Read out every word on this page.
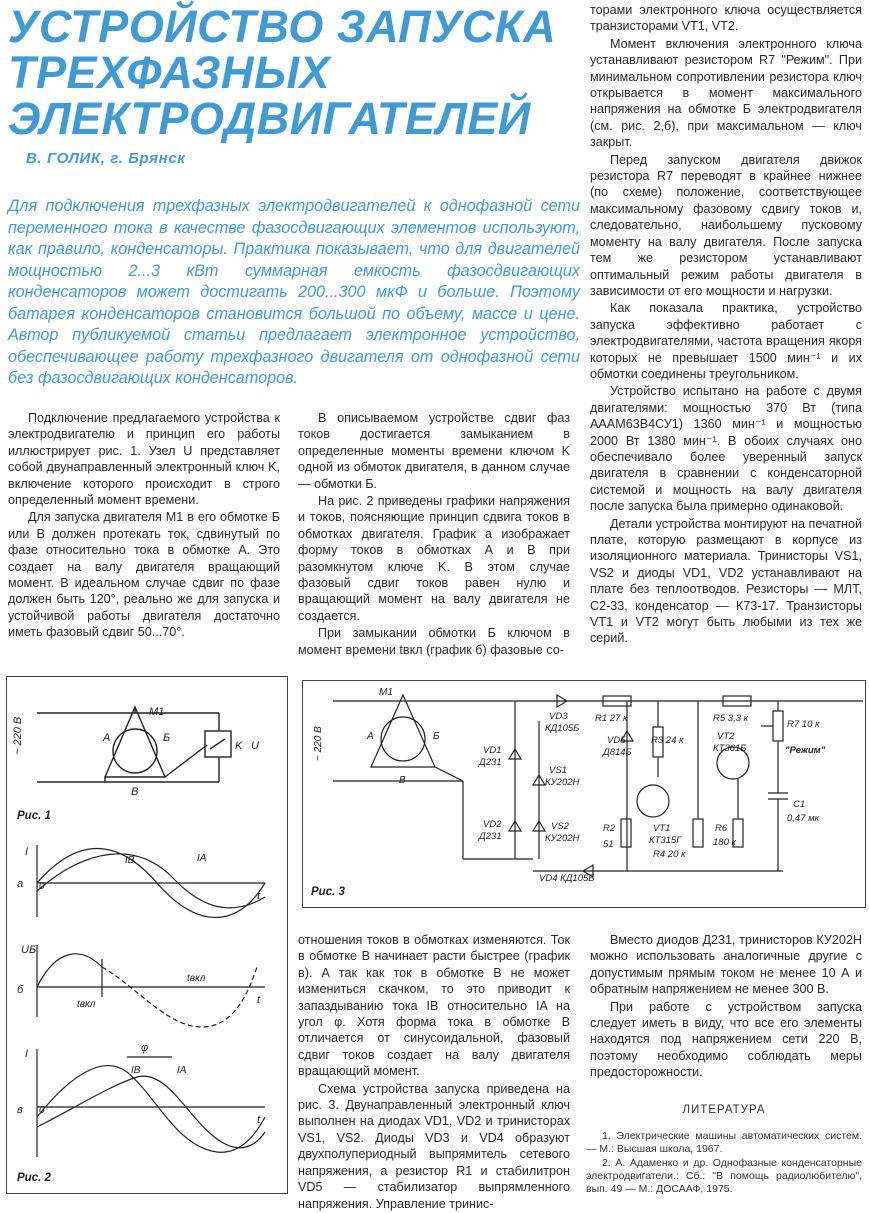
УСТРОЙСТВО ЗАПУСКА
ТРЕХФАЗНЫХ
ЭЛЕКТРОДВИГАТЕЛЕЙ
В. ГОЛИК, г. Брянск

Для подключения трехфазных электродвигателей к однофазной сети переменного тока в качестве фазосдвигающих элементов используют, как правило, конденсаторы. Практика показывает, что для двигателей мощностью 2...3 кВт суммарная емкость фазосдвигающих конденсаторов может достигать 200...300 мкФ и больше. Поэтому батарея конденсаторов становится большой по объему, массе и цене. Автор публикуемой статьи предлагает электронное устройство, обеспечивающее работу трехфазного двигателя от однофазной сети без фазосдвигающих конденсаторов.

Подключение предлагаемого устройства к электродвигателю и принцип его работы иллюстрирует рис. 1. Узел U представляет собой двунаправленный электронный ключ K, включение которого происходит в строго определенный момент времени.

Для запуска двигателя M1 в его обмотке Б или В должен протекать ток, сдвинутый по фазе относительно тока в обмотке А. Это создает на валу двигателя вращающий момент. В идеальном случае сдвиг по фазе должен быть 120°, реально же для запуска и устойчивой работы двигателя достаточно иметь фазовый сдвиг 50...70°.

В описываемом устройстве сдвиг фаз токов достигается замыканием в определенные моменты времени ключом K одной из обмоток двигателя, в данном случае — обмотки Б.

На рис. 2 приведены графики напряжения и токов, поясняющие принцип сдвига токов в обмотках двигателя. График а изображает форму токов в обмотках А и В при разомкнутом ключе K. В этом случае фазовый сдвиг токов равен нулю и вращающий момент на валу двигателя не создается.

При замыкании обмотки Б ключом в момент времени tвкл (график б) фазовые со-

торами электронного ключа осуществляется транзисторами VT1, VT2.

Момент включения электронного ключа устанавливают резистором R7 "Режим". При минимальном сопротивлении резистора ключ открывается в момент максимального напряжения на обмотке Б электродвигателя (см. рис. 2,б), при максимальном — ключ закрыт.

Перед запуском двигателя движок резистора R7 переводят в крайнее нижнее (по схеме) положение, соответствующее максимальному фазовому сдвигу токов и, следовательно, наибольшему пусковому моменту на валу двигателя. После запуска тем же резистором устанавливают оптимальный режим работы двигателя в зависимости от его мощности и нагрузки.

Как показала практика, устройство запуска эффективно работает с электродвигателями, частота вращения якоря которых не превышает 1500 мин⁻¹ и их обмотки соединены треугольником.

Устройство испытано на работе с двумя двигателями: мощностью 370 Вт (типа АААМ63В4СУ1) 1360 мин⁻¹ и мощностью 2000 Вт 1380 мин⁻¹. В обоих случаях оно обеспечивало более уверенный запуск двигателя в сравнении с конденсаторной системой и мощность на валу двигателя после запуска была примерно одинаковой.

Детали устройства монтируют на печатной плате, которую размещают в корпусе из изоляционного материала. Тринисторы VS1, VS2 и диоды VD1, VD2 устанавливают на плате без теплоотводов. Резисторы — МЛТ, С2-33, конденсатор — К73-17. Транзисторы VT1 и VT2 могут быть любыми из тех же серий.

~ 220 В
М1
А	Б
В
K U
Рис. 1
I
IB	IA
а 0
t
UБ
б
tвкл
tвкл
t
φ
I
IB	IA
в 0
t
Рис. 2
~ 220 В
М1
А	Б
В
VD1
Д231
VD2
Д231
VD3
КД105Б
VS1
КУ202Н
VS2
КУ202Н
VD4 КД105Б
R1 27 к
VD5
Д814Б
R3 24 к
R5 3,3 к
R7 10 к
"Режим"
VT2
КТ361Б
VT1
КТ315Г
R2
51
R4 20 к
R6
180 к
C1
0,47 мк
Рис. 3

отношения токов в обмотках изменяются. Ток в обмотке В начинает расти быстрее (график в). А так как ток в обмотке В не может измениться скачком, то это приводит к запаздыванию тока IB относительно IA на угол φ. Хотя форма тока в обмотке В отличается от синусоидальной, фазовый сдвиг токов создает на валу двигателя вращающий момент.

Схема устройства запуска приведена на рис. 3. Двунаправленный электронный ключ выполнен на диодах VD1, VD2 и тринисторах VS1, VS2. Диоды VD3 и VD4 образуют двухполупериодный выпрямитель сетевого напряжения, а резистор R1 и стабилитрон VD5 — стабилизатор выпрямленного напряжения. Управление тринис-

Вместо диодов Д231, тринисторов КУ202Н можно использовать аналогичные другие с допустимым прямым током не менее 10 А и обратным напряжением не менее 300 В.

При работе с устройством запуска следует иметь в виду, что все его элементы находятся под напряжением сети 220 В, поэтому необходимо соблюдать меры предосторожности.

ЛИТЕРАТУРА

1. Электрические машины автоматических систем. — М.: Высшая школа, 1967.

2. А. Адаменко и др. Однофазные конденсаторные электродвигатели.: Сб.: "В помощь радиолюбителю", вып. 49 — М.: ДОСААФ, 1975.
